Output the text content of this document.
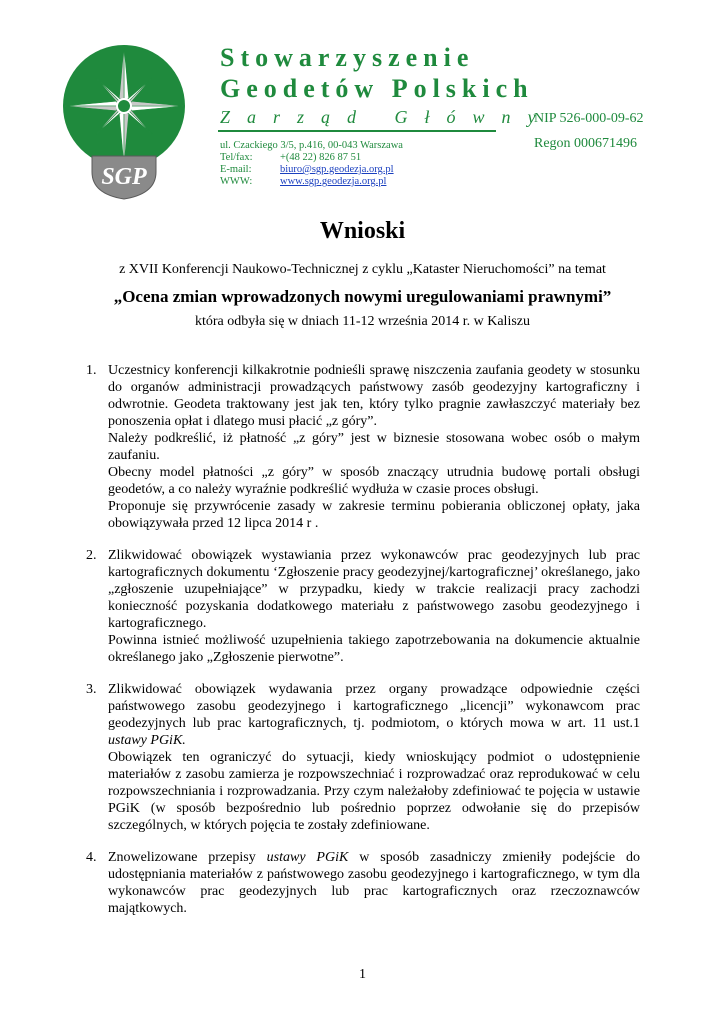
SGP
Stowarzyszenie
Geodetów Polskich
Zarząd Główny
NIP 526-000-09-62
Regon 000671496
ul. Czackiego 3/5, p.416, 00-043 Warszawa
Tel/fax:	+(48 22) 826 87 51
E-mail:	biuro@sgp.geodezja.org.pl
WWW:	www.sgp.geodezja.org.pl
Wnioski
z XVII Konferencji Naukowo-Technicznej z cyklu „Kataster Nieruchomości” na temat
„Ocena zmian wprowadzonych nowymi uregulowaniami prawnymi”
która odbyła się w dniach 11-12 września 2014 r. w Kaliszu
1. Uczestnicy konferencji kilkakrotnie podnieśli sprawę niszczenia zaufania geodety w stosunku do organów administracji prowadzących państwowy zasób geodezyjny kartograficzny i odwrotnie. Geodeta traktowany jest jak ten, który tylko pragnie zawłaszczyć materiały bez ponoszenia opłat i dlatego musi płacić „z góry”.

Należy podkreślić, iż płatność „z góry” jest w biznesie stosowana wobec osób o małym zaufaniu.

Obecny model płatności „z góry” w sposób znaczący utrudnia budowę portali obsługi geodetów, a co należy wyraźnie podkreślić wydłuża w czasie proces obsługi.

Proponuje się przywrócenie zasady w zakresie terminu pobierania obliczonej opłaty, jaka obowiązywała przed 12 lipca 2014 r .

2. Zlikwidować obowiązek wystawiania przez wykonawców prac geodezyjnych lub prac kartograficznych dokumentu ‘Zgłoszenie pracy geodezyjnej/kartograficznej’ określanego, jako „zgłoszenie uzupełniające” w przypadku, kiedy w trakcie realizacji pracy zachodzi konieczność pozyskania dodatkowego materiału z państwowego zasobu geodezyjnego i kartograficznego.

Powinna istnieć możliwość uzupełnienia takiego zapotrzebowania na dokumencie aktualnie określanego jako „Zgłoszenie pierwotne”.

3. Zlikwidować obowiązek wydawania przez organy prowadzące odpowiednie części państwowego zasobu geodezyjnego i kartograficznego „licencji” wykonawcom prac geodezyjnych lub prac kartograficznych, tj. podmiotom, o których mowa w art. 11 ust.1 ustawy PGiK.

Obowiązek ten ograniczyć do sytuacji, kiedy wnioskujący podmiot o udostępnienie materiałów z zasobu zamierza je rozpowszechniać i rozprowadzać oraz reprodukować w celu rozpowszechniania i rozprowadzania. Przy czym należałoby zdefiniować te pojęcia w ustawie PGiK (w sposób bezpośrednio lub pośrednio poprzez odwołanie się do przepisów szczególnych, w których pojęcia te zostały zdefiniowane.

4. Znowelizowane przepisy ustawy PGiK w sposób zasadniczy zmieniły podejście do udostępniania materiałów z państwowego zasobu geodezyjnego i kartograficznego, w tym dla wykonawców prac geodezyjnych lub prac kartograficznych oraz rzeczoznawców majątkowych.

1
